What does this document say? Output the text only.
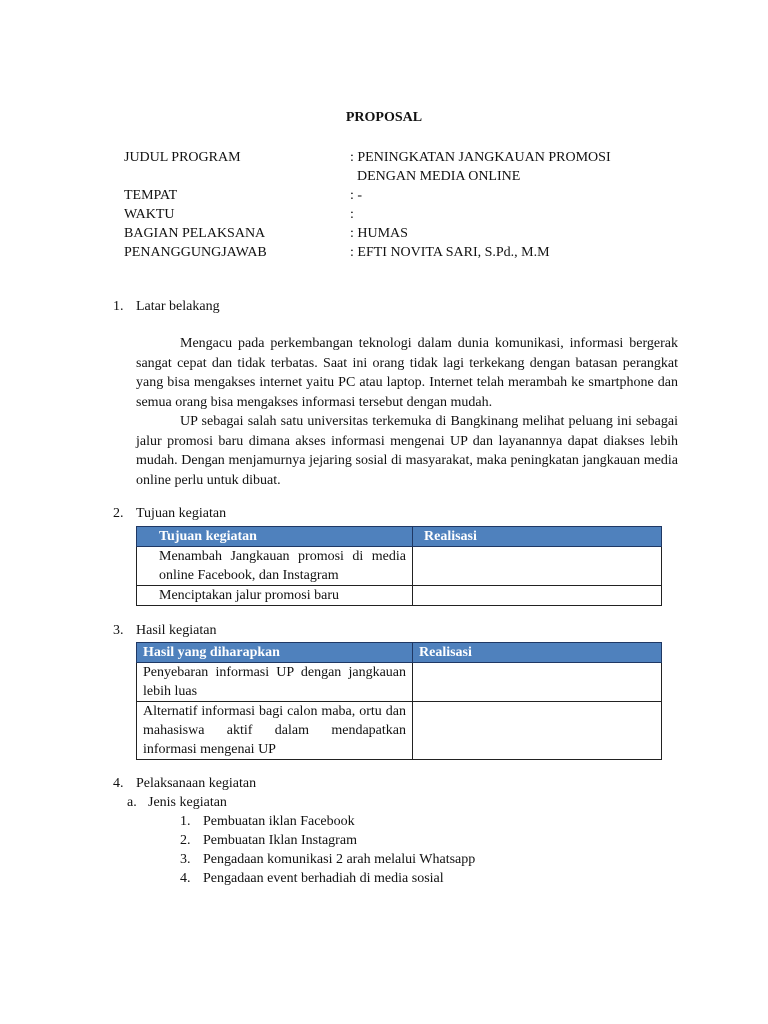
PROPOSAL
JUDUL PROGRAM	: PENINGKATAN JANGKAUAN PROMOSI
DENGAN MEDIA ONLINE
TEMPAT	: -
WAKTU	:
BAGIAN PELAKSANA	: HUMAS
PENANGGUNGJAWAB	: EFTI NOVITA SARI, S.Pd., M.M
1. Latar belakang

Mengacu pada perkembangan teknologi dalam dunia komunikasi, informasi bergerak sangat cepat dan tidak terbatas. Saat ini orang tidak lagi terkekang dengan batasan perangkat yang bisa mengakses internet yaitu PC atau laptop. Internet telah merambah ke smartphone dan semua orang bisa mengakses informasi tersebut dengan mudah.

UP sebagai salah satu universitas terkemuka di Bangkinang melihat peluang ini sebagai jalur promosi baru dimana akses informasi mengenai UP dan layanannya dapat diakses lebih mudah. Dengan menjamurnya jejaring sosial di masyarakat, maka peningkatan jangkauan media online perlu untuk dibuat.

2. Tujuan kegiatan
Tujuan kegiatan	Realisasi
Menambah Jangkauan promosi di media online Facebook, dan Instagram	
Menciptakan jalur promosi baru	
3. Hasil kegiatan
Hasil yang diharapkan	Realisasi
Penyebaran informasi UP dengan jangkauan lebih luas	
Alternatif informasi bagi calon maba, ortu dan mahasiswa aktif dalam mendapatkan informasi mengenai UP	
4. Pelaksanaan kegiatan
a. Jenis kegiatan
1. Pembuatan iklan Facebook
2. Pembuatan Iklan Instagram
3. Pengadaan komunikasi 2 arah melalui Whatsapp
4. Pengadaan event berhadiah di media sosial
